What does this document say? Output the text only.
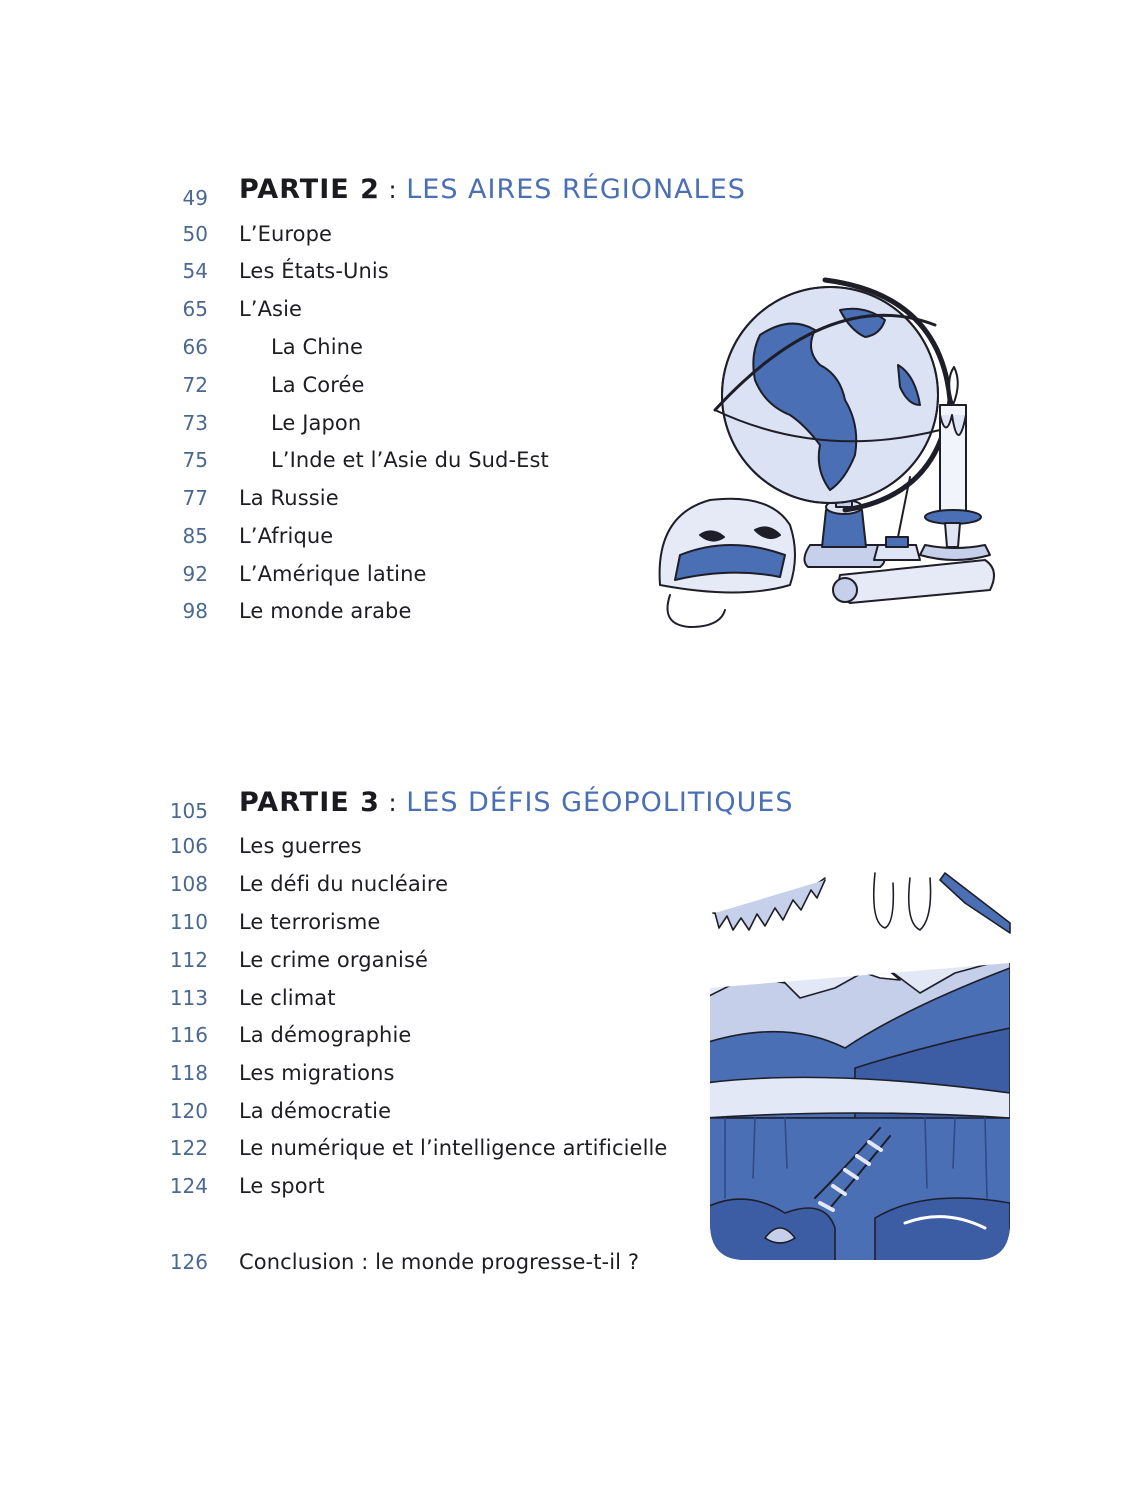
49 PARTIE 2 : LES AIRES RÉGIONALES
50 L’Europe
54 Les États-Unis
65 L’Asie
66	La Chine
72	La Corée
73	Le Japon
75	L’Inde et l’Asie du Sud-Est
77 La Russie
85 L’Afrique
92 L’Amérique latine
98 Le monde arabe
105 PARTIE 3 : LES DÉFIS GÉOPOLITIQUES
106 Les guerres
108 Le défi du nucléaire
110 Le terrorisme
112 Le crime organisé
113 Le climat
116 La démographie
118 Les migrations
120 La démocratie
122 Le numérique et l’intelligence artificielle
124 Le sport
126 Conclusion : le monde progresse-t-il ?
